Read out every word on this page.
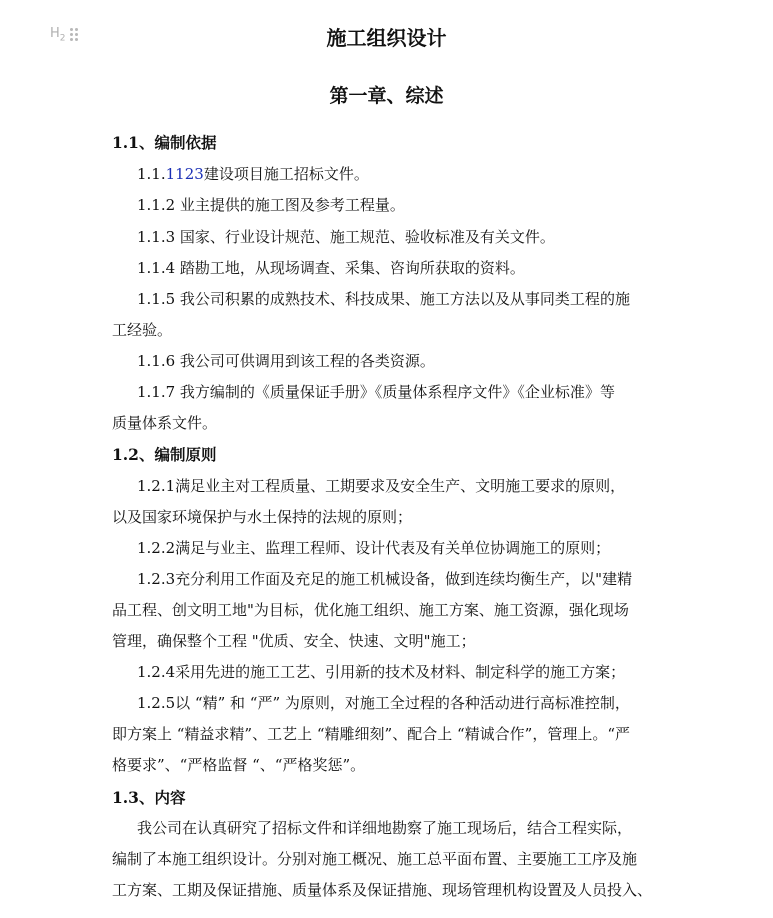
$H_2$	施工组织设计
第一章、综述
1.1、编制依据
1.1.1123建设项目施工招标文件。
1.1.2 业主提供的施工图及参考工程量。
1.1.3 国家、行业设计规范、施工规范、验收标准及有关文件。
1.1.4 踏勘工地，从现场调查、采集、咨询所获取的资料。
1.1.5 我公司积累的成熟技术、科技成果、施工方法以及从事同类工程的施
工经验。
1.1.6 我公司可供调用到该工程的各类资源。
1.1.7 我方编制的《质量保证手册》《质量体系程序文件》《企业标准》等
质量体系文件。
1.2、编制原则
1.2.1满足业主对工程质量、工期要求及安全生产、文明施工要求的原则，
以及国家环境保护与水土保持的法规的原则；
1.2.2满足与业主、监理工程师、设计代表及有关单位协调施工的原则；
1.2.3充分利用工作面及充足的施工机械设备，做到连续均衡生产，以"建精
品工程、创文明工地"为目标，优化施工组织、施工方案、施工资源，强化现场
管理，确保整个工程 "优质、安全、快速、文明"施工；
1.2.4采用先进的施工工艺、引用新的技术及材料、制定科学的施工方案；
1.2.5以 “精” 和 “严” 为原则，对施工全过程的各种活动进行高标准控制，
即方案上 “精益求精”、工艺上 “精雕细刻”、配合上 “精诚合作”，管理上。“严
格要求”、“严格监督 “、“严格奖惩”。
1.3、内容
我公司在认真研究了招标文件和详细地勘察了施工现场后，结合工程实际，
编制了本施工组织设计。分别对施工概况、施工总平面布置、主要施工工序及施
工方案、工期及保证措施、质量体系及保证措施、现场管理机构设置及人员投入、
